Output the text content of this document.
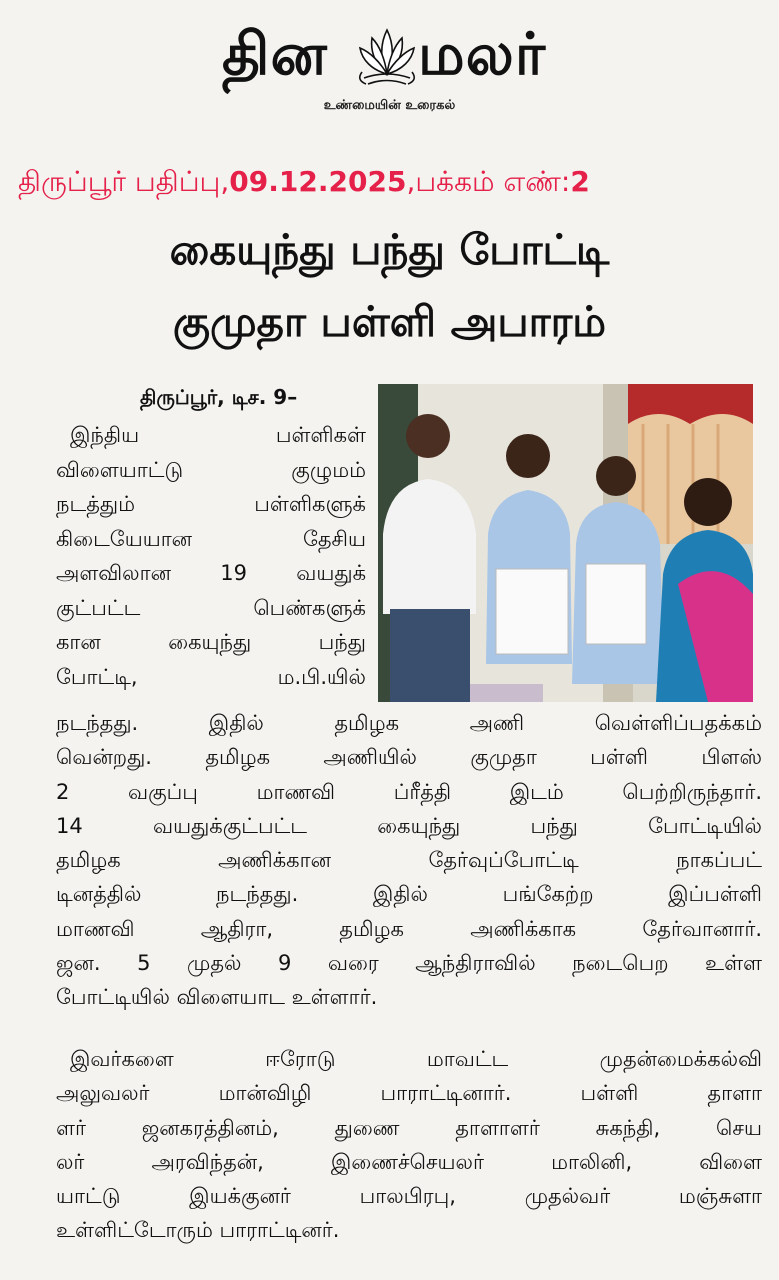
தின மலர்
உண்மையின் உரைகல்
திருப்பூர் பதிப்பு,09.12.2025,பக்கம் எண்:2
கையுந்து பந்து போட்டி
குமுதா பள்ளி அபாரம்
திருப்பூர், டிச. 9–
இந்திய பள்ளிகள்
விளையாட்டு குழுமம்
நடத்தும் பள்ளிகளுக்
கிடையேயான தேசிய
அளவிலான 19 வயதுக்
குட்பட்ட பெண்களுக்
கான கையுந்து பந்து
போட்டி, ம.பி.யில்
நடந்தது. இதில் தமிழக அணி வெள்ளிப்பதக்கம்
வென்றது. தமிழக அணியில் குமுதா பள்ளி பிளஸ்
2 வகுப்பு மாணவி ப்ரீத்தி இடம் பெற்றிருந்தார்.
14 வயதுக்குட்பட்ட கையுந்து பந்து போட்டியில்
தமிழக அணிக்கான தேர்வுப்போட்டி நாகப்பட்
டினத்தில் நடந்தது. இதில் பங்கேற்ற இப்பள்ளி
மாணவி ஆதிரா, தமிழக அணிக்காக தேர்வானார்.
ஜன. 5 முதல் 9 வரை ஆந்திராவில் நடைபெற உள்ள
போட்டியில் விளையாட உள்ளார்.
இவர்களை ஈரோடு மாவட்ட முதன்மைக்கல்வி
அலுவலர் மான்விழி பாராட்டினார். பள்ளி தாளா
ளர் ஜனகரத்தினம், துணை தாளாளர் சுகந்தி, செய
லர் அரவிந்தன், இணைச்செயலர் மாலினி, விளை
யாட்டு இயக்குனர் பாலபிரபு, முதல்வர் மஞ்சுளா
உள்ளிட்டோரும் பாராட்டினர்.
